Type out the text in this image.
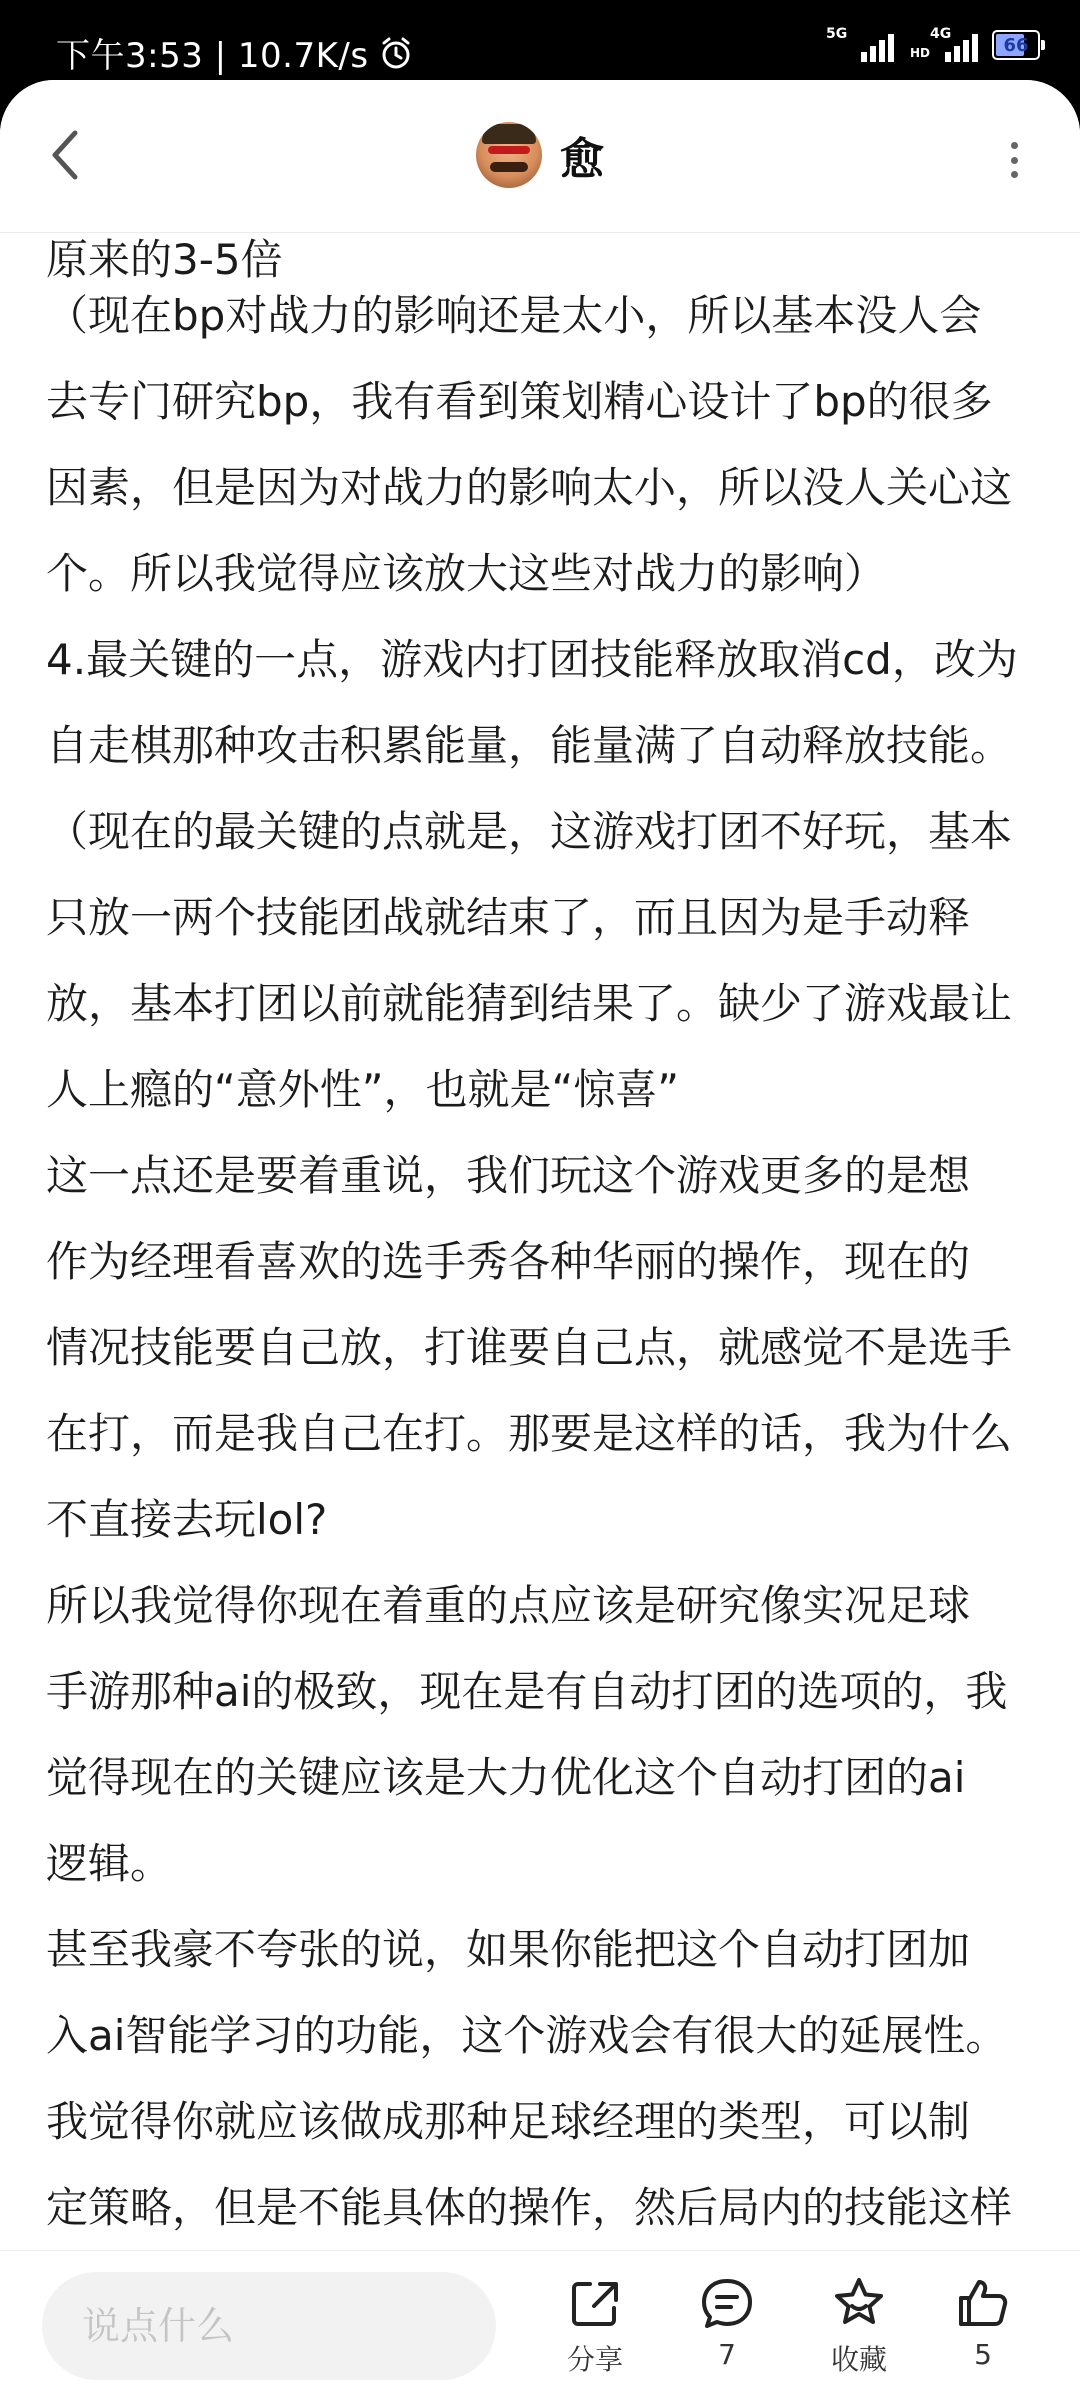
下午3:53 | 10.7K/s
5G	4G
HD	66
愈

原来的3-5倍

（现在bp对战力的影响还是太小，所以基本没人会

去专门研究bp，我有看到策划精心设计了bp的很多

因素，但是因为对战力的影响太小，所以没人关心这

个。所以我觉得应该放大这些对战力的影响）

4.最关键的一点，游戏内打团技能释放取消cd，改为

自走棋那种攻击积累能量，能量满了自动释放技能。

（现在的最关键的点就是，这游戏打团不好玩，基本

只放一两个技能团战就结束了，而且因为是手动释

放，基本打团以前就能猜到结果了。缺少了游戏最让

人上瘾的“意外性”，也就是“惊喜”

这一点还是要着重说，我们玩这个游戏更多的是想

作为经理看喜欢的选手秀各种华丽的操作，现在的

情况技能要自己放，打谁要自己点，就感觉不是选手

在打，而是我自己在打。那要是这样的话，我为什么

不直接去玩lol?

所以我觉得你现在着重的点应该是研究像实况足球

手游那种ai的极致，现在是有自动打团的选项的，我

觉得现在的关键应该是大力优化这个自动打团的ai

逻辑。

甚至我豪不夸张的说，如果你能把这个自动打团加

入ai智能学习的功能，这个游戏会有很大的延展性。

我觉得你就应该做成那种足球经理的类型，可以制

定策略，但是不能具体的操作，然后局内的技能这样

说点什么
分享	7	收藏	5
